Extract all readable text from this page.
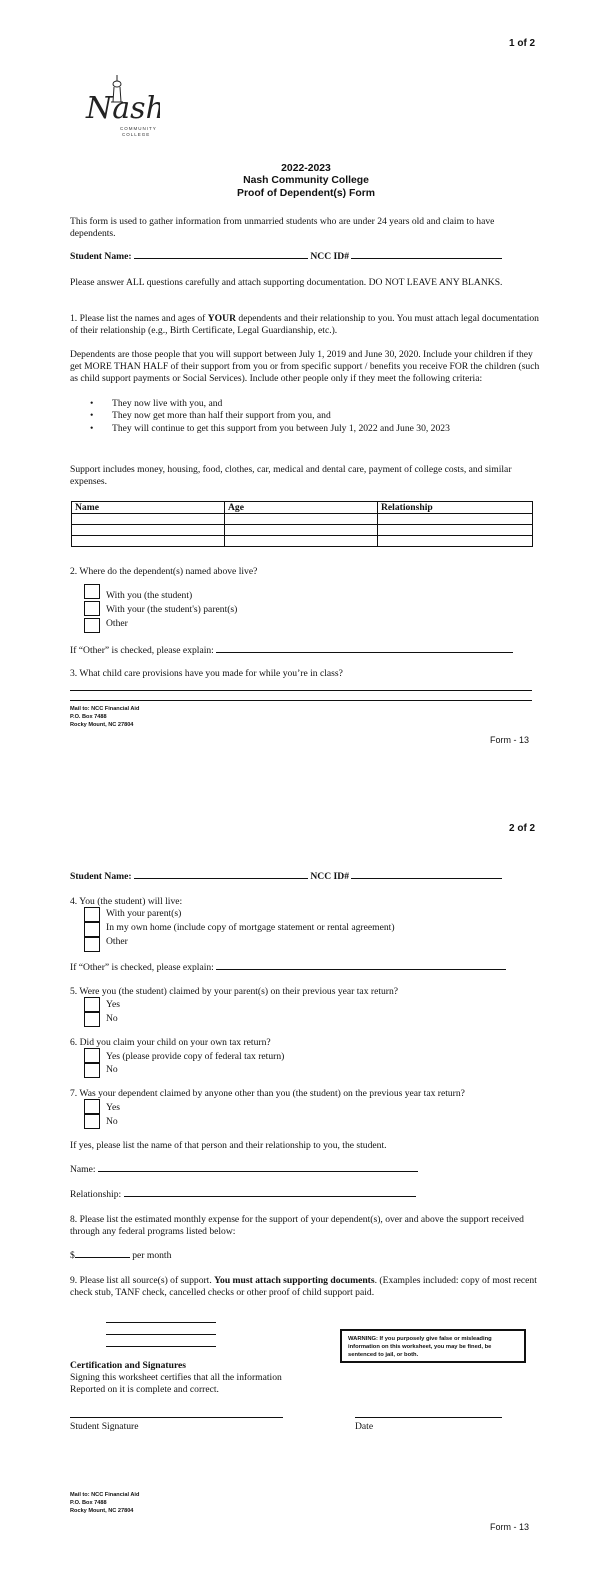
1 of 2
Nash
COMMUNITY
COLLEGE
2022-2023
Nash Community College
Proof of Dependent(s) Form
This form is used to gather information from unmarried students who are under 24 years old and claim to have dependents.
Student Name:	NCC ID#
Please answer ALL questions carefully and attach supporting documentation. DO NOT LEAVE ANY BLANKS.
1. Please list the names and ages of YOUR dependents and their relationship to you. You must attach legal documentation of their relationship (e.g., Birth Certificate, Legal Guardianship, etc.).
Dependents are those people that you will support between July 1, 2019 and June 30, 2020. Include your children if they get MORE THAN HALF of their support from you or from specific support / benefits you receive FOR the children (such as child support payments or Social Services). Include other people only if they meet the following criteria:
• They now live with you, and
• They now get more than half their support from you, and
• They will continue to get this support from you between July 1, 2022 and June 30, 2023
Support includes money, housing, food, clothes, car, medical and dental care, payment of college costs, and similar expenses.
Name	Age	Relationship

2. Where do the dependent(s) named above live?
With you (the student)
With your (the student's) parent(s)
Other
If “Other” is checked, please explain:
3. What child care provisions have you made for while you’re in class?
Mail to: NCC Financial Aid
P.O. Box 7488
Rocky Mount, NC 27804
Form - 13
2 of 2
Student Name:	NCC ID#
4. You (the student) will live:
With your parent(s)
In my own home (include copy of mortgage statement or rental agreement)
Other
If “Other” is checked, please explain:
5. Were you (the student) claimed by your parent(s) on their previous year tax return?
Yes
No
6. Did you claim your child on your own tax return?
Yes (please provide copy of federal tax return)
No
7. Was your dependent claimed by anyone other than you (the student) on the previous year tax return?
Yes
No
If yes, please list the name of that person and their relationship to you, the student.
Name:
Relationship:
8. Please list the estimated monthly expense for the support of your dependent(s), over and above the support received through any federal programs listed below:
$	per month
9. Please list all source(s) of support. You must attach supporting documents. (Examples included: copy of most recent check stub, TANF check, cancelled checks or other proof of child support paid.
WARNING: If you purposely give false or misleading information on this worksheet, you may be fined, be sentenced to jail, or both.
Certification and Signatures
Signing this worksheet certifies that all the information
Reported on it is complete and correct.
Student Signature	Date
Mail to: NCC Financial Aid
P.O. Box 7488
Rocky Mount, NC 27804
Form - 13
